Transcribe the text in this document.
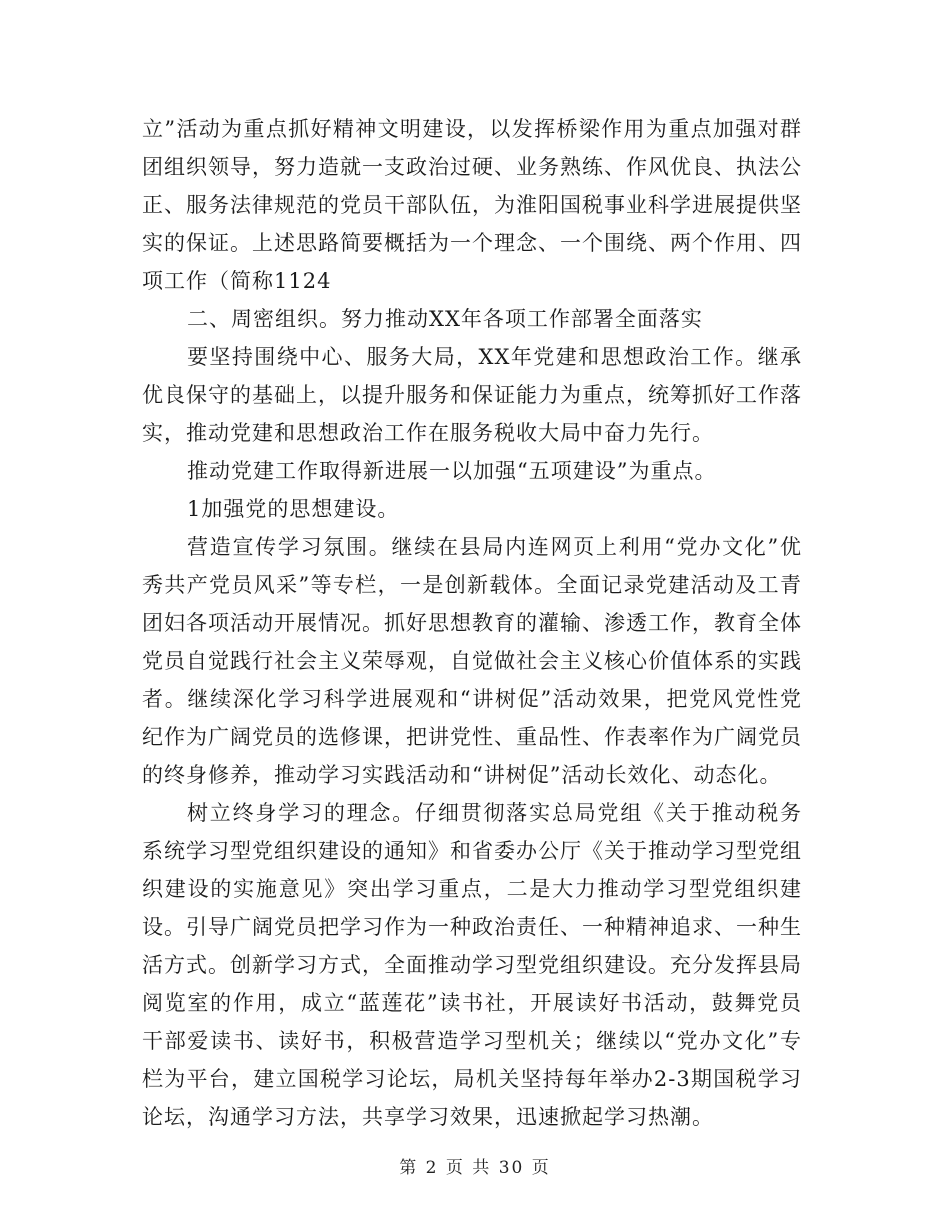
立”活动为重点抓好精神文明建设，以发挥桥梁作用为重点加强对群团组织领导，努力造就一支政治过硬、业务熟练、作风优良、执法公正、服务法律规范的党员干部队伍，为淮阳国税事业科学进展提供坚实的保证。上述思路简要概括为一个理念、一个围绕、两个作用、四项工作（简称1124

二、周密组织。努力推动XX年各项工作部署全面落实

要坚持围绕中心、服务大局，XX年党建和思想政治工作。继承优良保守的基础上，以提升服务和保证能力为重点，统筹抓好工作落实，推动党建和思想政治工作在服务税收大局中奋力先行。

推动党建工作取得新进展一以加强“五项建设”为重点。

1加强党的思想建设。

营造宣传学习氛围。继续在县局内连网页上利用“党办文化”优秀共产党员风采”等专栏，一是创新载体。全面记录党建活动及工青团妇各项活动开展情况。抓好思想教育的灌输、渗透工作，教育全体党员自觉践行社会主义荣辱观，自觉做社会主义核心价值体系的实践者。继续深化学习科学进展观和“讲树促”活动效果，把党风党性党纪作为广阔党员的选修课，把讲党性、重品性、作表率作为广阔党员的终身修养，推动学习实践活动和“讲树促”活动长效化、动态化。

树立终身学习的理念。仔细贯彻落实总局党组《关于推动税务系统学习型党组织建设的通知》和省委办公厅《关于推动学习型党组织建设的实施意见》突出学习重点，二是大力推动学习型党组织建设。引导广阔党员把学习作为一种政治责任、一种精神追求、一种生活方式。创新学习方式，全面推动学习型党组织建设。充分发挥县局阅览室的作用，成立“蓝莲花”读书社，开展读好书活动，鼓舞党员干部爱读书、读好书，积极营造学习型机关；继续以“党办文化”专栏为平台，建立国税学习论坛，局机关坚持每年举办2-3期国税学习论坛，沟通学习方法，共享学习效果，迅速掀起学习热潮。

第 2 页 共 30 页
